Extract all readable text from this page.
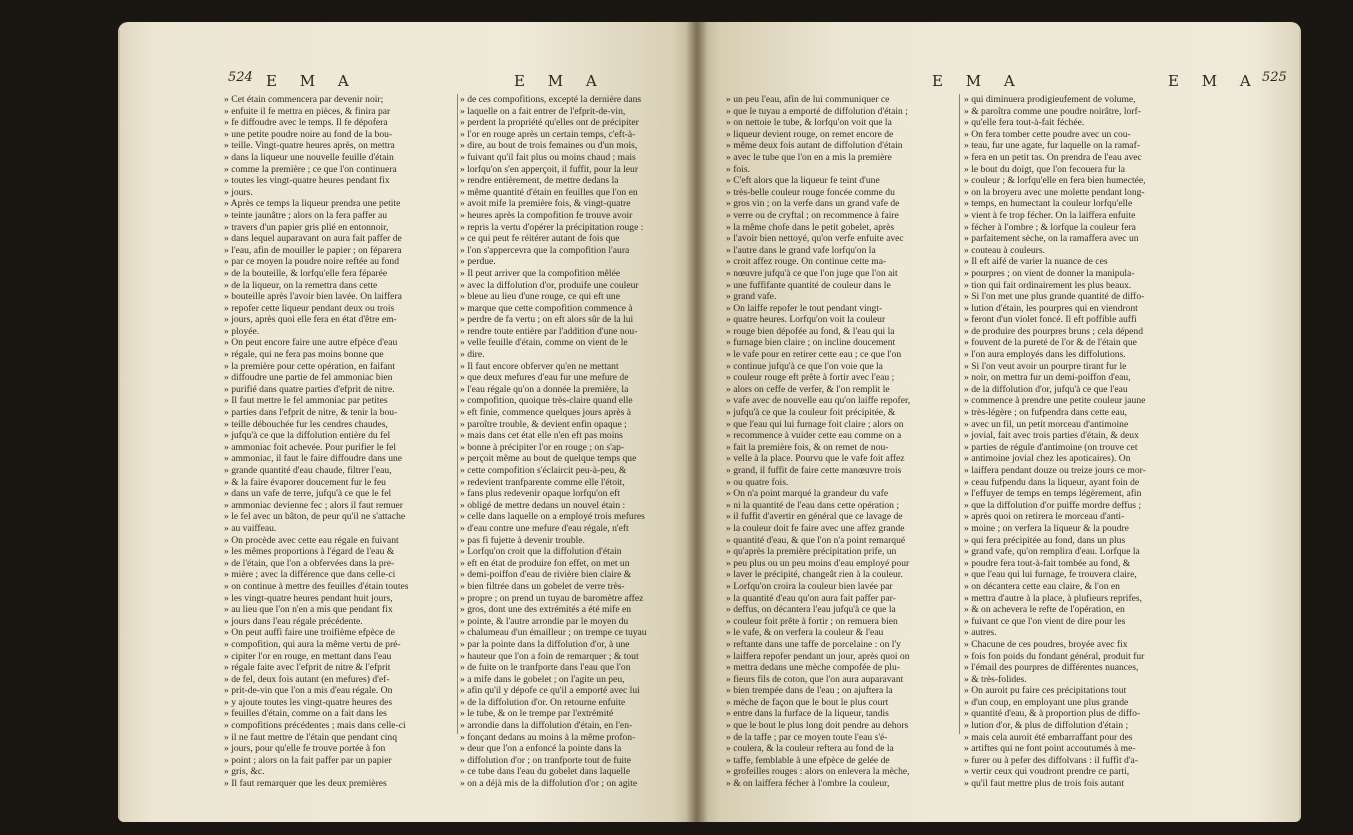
524 E M A	E M A
» Cet étain commencera par devenir noir;
» enfuite il fe mettra en pièces, & finira par
» fe diffoudre avec le temps. Il fe dépofera
» une petite poudre noire au fond de la bou-
» teille. Vingt-quatre heures après, on mettra
» dans la liqueur une nouvelle feuille d'étain
» comme la première ; ce que l'on continuera
» toutes les vingt-quatre heures pendant fix
» jours.
» Après ce temps la liqueur prendra une petite
» teinte jaunâtre ; alors on la fera paffer au
» travers d'un papier gris plié en entonnoir,
» dans lequel auparavant on aura fait paffer de
» l'eau, afin de mouiller le papier ; on féparera
» par ce moyen la poudre noire reftée au fond
» de la bouteille, & lorfqu'elle fera féparée
» de la liqueur, on la remettra dans cette
» bouteille après l'avoir bien lavée. On laiffera
» repofer cette liqueur pendant deux ou trois
» jours, après quoi elle fera en état d'être em-
» ployée.
» On peut encore faire une autre efpèce d'eau
» régale, qui ne fera pas moins bonne que
» la première pour cette opération, en faifant
» diffoudre une partie de fel ammoniac bien
» purifié dans quatre parties d'efprit de nitre.
» Il faut mettre le fel ammoniac par petites
» parties dans l'efprit de nitre, & tenir la bou-
» teille débouchée fur les cendres chaudes,
» jufqu'à ce que la diffolution entière du fel
» ammoniac foit achevée. Pour purifier le fel
» ammoniac, il faut le faire diffoudre dans une
» grande quantité d'eau chaude, filtrer l'eau,
» & la faire évaporer doucement fur le feu
» dans un vafe de terre, jufqu'à ce que le fel
» ammoniac devienne fec ; alors il faut remuer
» le fel avec un bâton, de peur qu'il ne s'attache
» au vaiffeau.
» On procède avec cette eau régale en fuivant
» les mêmes proportions à l'égard de l'eau &
» de l'étain, que l'on a obfervées dans la pre-
» mière ; avec la différence que dans celle-ci
» on continue à mettre des feuilles d'étain toutes
» les vingt-quatre heures pendant huit jours,
» au lieu que l'on n'en a mis que pendant fix
» jours dans l'eau régale précédente.
» On peut auffi faire une troifième efpèce de
» compofition, qui aura la même vertu de pré-
» cipiter l'or en rouge, en mettant dans l'eau
» régale faite avec l'efprit de nitre & l'efprit
» de fel, deux fois autant (en mefures) d'ef-
» prit-de-vin que l'on a mis d'eau régale. On
» y ajoute toutes les vingt-quatre heures des
» feuilles d'étain, comme on a fait dans les
» compofitions précédentes ; mais dans celle-ci
» il ne faut mettre de l'étain que pendant cinq
» jours, pour qu'elle fe trouve portée à fon
» point ; alors on la fait paffer par un papier
» gris, &c.
» Il faut remarquer que les deux premières
» de ces compofitions, excepté la dernière dans
» laquelle on a fait entrer de l'efprit-de-vin,
» perdent la propriété qu'elles ont de précipiter
» l'or en rouge après un certain temps, c'eft-à-
» dire, au bout de trois femaines ou d'un mois,
» fuivant qu'il fait plus ou moins chaud ; mais
» lorfqu'on s'en apperçoit, il fuffit, pour la leur
» rendre entièrement, de mettre dedans la
» même quantité d'étain en feuilles que l'on en
» avoit mife la première fois, & vingt-quatre
» heures après la compofition fe trouve avoir
» repris la vertu d'opérer la précipitation rouge :
» ce qui peut fe réitérer autant de fois que
» l'on s'appercevra que la compofition l'aura
» perdue.
» Il peut arriver que la compofition mêlée
» avec la diffolution d'or, produife une couleur
» bleue au lieu d'une rouge, ce qui eft une
» marque que cette compofition commence à
» perdre de fa vertu ; on eft alors sûr de la lui
» rendre toute entière par l'addition d'une nou-
» velle feuille d'étain, comme on vient de le
» dire.
» Il faut encore obferver qu'en ne mettant
» que deux mefures d'eau fur une mefure de
» l'eau régale qu'on a donnée la première, la
» compofition, quoique très-claire quand elle
» eft finie, commence quelques jours après à
» paroître trouble, & devient enfin opaque ;
» mais dans cet état elle n'en eft pas moins
» bonne à précipiter l'or en rouge ; on s'ap-
» perçoit même au bout de quelque temps que
» cette compofition s'éclaircit peu-à-peu, &
» redevient tranfparente comme elle l'étoit,
» fans plus redevenir opaque lorfqu'on eft
» obligé de mettre dedans un nouvel étain :
» celle dans laquelle on a employé trois mefures
» d'eau contre une mefure d'eau régale, n'eft
» pas fi fujette à devenir trouble.
» Lorfqu'on croit que la diffolution d'étain
» eft en état de produire fon effet, on met un
» demi-poiffon d'eau de rivière bien claire &
» bien filtrée dans un gobelet de verre très-
» propre ; on prend un tuyau de baromètre affez
» gros, dont une des extrémités a été mife en
» pointe, & l'autre arrondie par le moyen du
» chalumeau d'un émailleur ; on trempe ce tuyau
» par la pointe dans la diffolution d'or, à une
» hauteur que l'on a foin de remarquer ; & tout
» de fuite on le tranfporte dans l'eau que l'on
» a mife dans le gobelet ; on l'agite un peu,
» afin qu'il y dépofe ce qu'il a emporté avec lui
» de la diffolution d'or. On retourne enfuite
» le tube, & on le trempe par l'extrémité
» arrondie dans la diffolution d'étain, en l'en-
» fonçant dedans au moins à la même profon-
» deur que l'on a enfoncé la pointe dans la
» diffolution d'or ; on tranfporte tout de fuite
» ce tube dans l'eau du gobelet dans laquelle
» on a déjà mis de la diffolution d'or ; on agite
E M A	E M A 525
» un peu l'eau, afin de lui communiquer ce
» que le tuyau a emporté de diffolution d'étain ;
» on nettoie le tube, & lorfqu'on voit que la
» liqueur devient rouge, on remet encore de
» même deux fois autant de diffolution d'étain
» avec le tube que l'on en a mis la première
» fois.
» C'eft alors que la liqueur fe teint d'une
» très-belle couleur rouge foncée comme du
» gros vin ; on la verfe dans un grand vafe de
» verre ou de cryftal ; on recommence à faire
» la même chofe dans le petit gobelet, après
» l'avoir bien nettoyé, qu'on verfe enfuite avec
» l'autre dans le grand vafe lorfqu'on la
» croit affez rouge. On continue cette ma-
» nœuvre jufqu'à ce que l'on juge que l'on ait
» une fuffifante quantité de couleur dans le
» grand vafe.
» On laiffe repofer le tout pendant vingt-
» quatre heures. Lorfqu'on voit la couleur
» rouge bien dépofée au fond, & l'eau qui la
» furnage bien claire ; on incline doucement
» le vafe pour en retirer cette eau ; ce que l'on
» continue jufqu'à ce que l'on voie que la
» couleur rouge eft prête à fortir avec l'eau ;
» alors on ceffe de verfer, & l'on remplit le
» vafe avec de nouvelle eau qu'on laiffe repofer,
» jufqu'à ce que la couleur foit précipitée, &
» que l'eau qui lui furnage foit claire ; alors on
» recommence à vuider cette eau comme on a
» fait la première fois, & on remet de nou-
» velle à la place. Pourvu que le vafe foit affez
» grand, il fuffit de faire cette manœuvre trois
» ou quatre fois.
» On n'a point marqué la grandeur du vafe
» ni la quantité de l'eau dans cette opération ;
» il fuffit d'avertir en général que ce lavage de
» la couleur doit fe faire avec une affez grande
» quantité d'eau, & que l'on n'a point remarqué
» qu'après la première précipitation prife, un
» peu plus ou un peu moins d'eau employé pour
» laver le précipité, changeât rien à la couleur.
» Lorfqu'on croira la couleur bien lavée par
» la quantité d'eau qu'on aura fait paffer par-
» deffus, on décantera l'eau jufqu'à ce que la
» couleur foit prête à fortir ; on remuera bien
» le vafe, & on verfera la couleur & l'eau
» reftante dans une taffe de porcelaine : on l'y
» laiffera repofer pendant un jour, après quoi on
» mettra dedans une mèche compofée de plu-
» fieurs fils de coton, que l'on aura auparavant
» bien trempée dans de l'eau ; on ajuftera la
» mèche de façon que le bout le plus court
» entre dans la furface de la liqueur, tandis
» que le bout le plus long doit pendre au dehors
» de la taffe ; par ce moyen toute l'eau s'é-
» coulera, & la couleur reftera au fond de la
» taffe, femblable à une efpèce de gelée de
» grofeilles rouges : alors on enlevera la mèche,
» & on laiffera fécher à l'ombre la couleur,
» qui diminuera prodigieufement de volume,
» & paroîtra comme une poudre noirâtre, lorf-
» qu'elle fera tout-à-fait féchée.
» On fera tomber cette poudre avec un cou-
» teau, fur une agate, fur laquelle on la ramaf-
» fera en un petit tas. On prendra de l'eau avec
» le bout du doigt, que l'on fecouera fur la
» couleur ; & lorfqu'elle en fera bien humectée,
» on la broyera avec une molette pendant long-
» temps, en humectant la couleur lorfqu'elle
» vient à fe trop fécher. On la laiffera enfuite
» fécher à l'ombre ; & lorfque la couleur fera
» parfaitement sèche, on la ramaffera avec un
» couteau à couleurs.
» Il eft aifé de varier la nuance de ces
» pourpres ; on vient de donner la manipula-
» tion qui fait ordinairement les plus beaux.
» Si l'on met une plus grande quantité de diffo-
» lution d'étain, les pourpres qui en viendront
» feront d'un violet foncé. Il eft poffible auffi
» de produire des pourpres bruns ; cela dépend
» fouvent de la pureté de l'or & de l'étain que
» l'on aura employés dans les diffolutions.
» Si l'on veut avoir un pourpre tirant fur le
» noir, on mettra fur un demi-poiffon d'eau,
» de la diffolution d'or, jufqu'à ce que l'eau
» commence à prendre une petite couleur jaune
» très-légère ; on fufpendra dans cette eau,
» avec un fil, un petit morceau d'antimoine
» jovial, fait avec trois parties d'étain, & deux
» parties de régule d'antimoine (on trouve cet
» antimoine jovial chez les apoticaires). On
» laiffera pendant douze ou treize jours ce mor-
» ceau fufpendu dans la liqueur, ayant foin de
» l'effuyer de temps en temps légèrement, afin
» que la diffolution d'or puiffe mordre deffus ;
» après quoi on retirera le morceau d'anti-
» moine ; on verfera la liqueur & la poudre
» qui fera précipitée au fond, dans un plus
» grand vafe, qu'on remplira d'eau. Lorfque la
» poudre fera tout-à-fait tombée au fond, &
» que l'eau qui lui furnage, fe trouvera claire,
» on décantera cette eau claire, & l'on en
» mettra d'autre à la place, à plufieurs reprifes,
» & on achevera le refte de l'opération, en
» fuivant ce que l'on vient de dire pour les
» autres.
» Chacune de ces poudres, broyée avec fix
» fois fon poids du fondant général, produit fur
» l'émail des pourpres de différentes nuances,
» & très-folides.
» On auroit pu faire ces précipitations tout
» d'un coup, en employant une plus grande
» quantité d'eau, & à proportion plus de diffo-
» lution d'or, & plus de diffolution d'étain ;
» mais cela auroit été embarraffant pour des
» artiftes qui ne font point accoutumés à me-
» furer ou à pefer des diffolvans : il fuffit d'a-
» vertir ceux qui voudront prendre ce parti,
» qu'il faut mettre plus de trois fois autant
